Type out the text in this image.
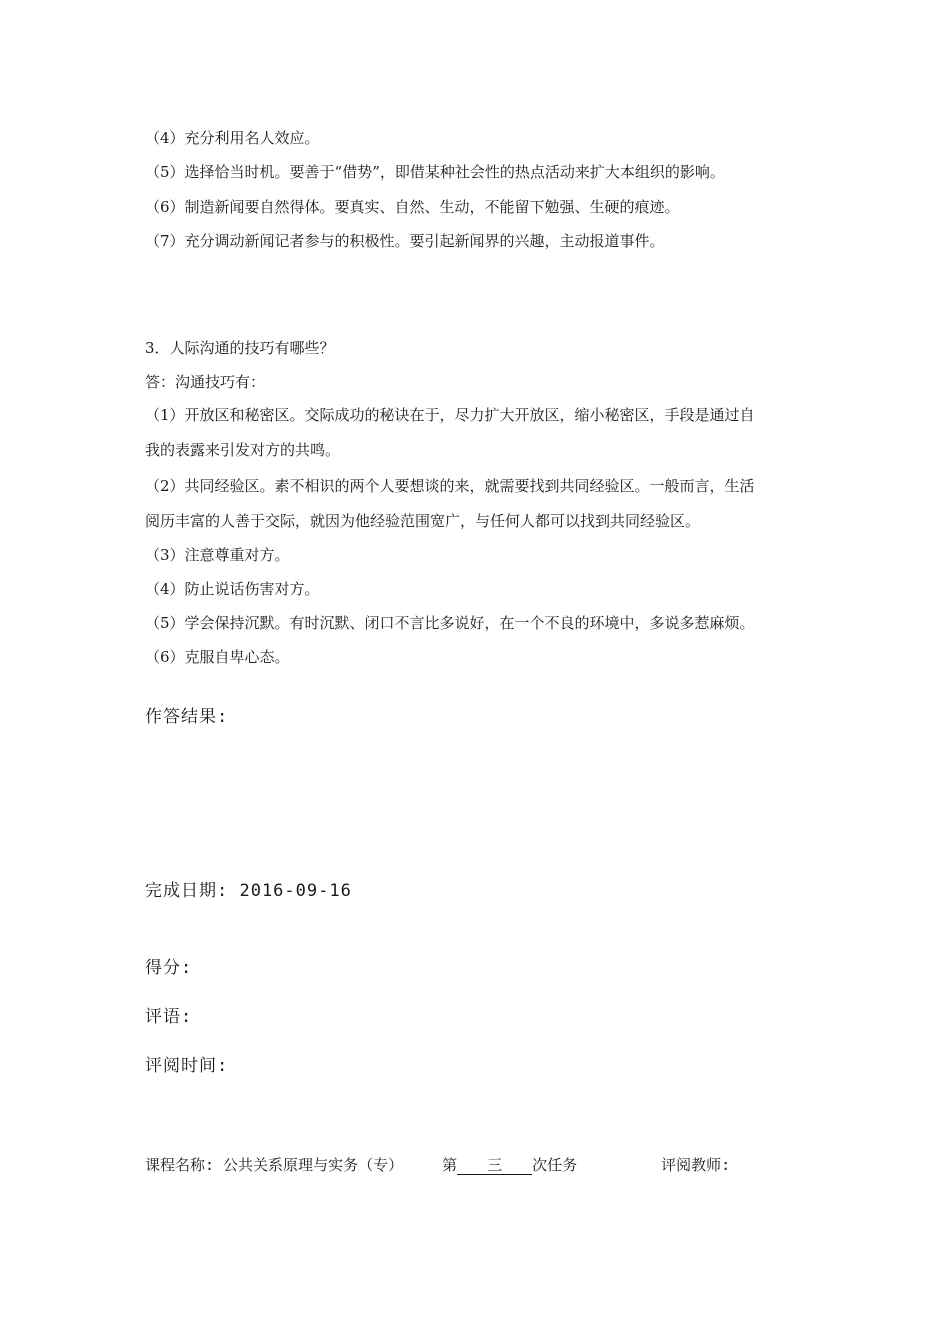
（4）充分利用名人效应。
（5）选择恰当时机。要善于“借势”，即借某种社会性的热点活动来扩大本组织的影响。
（6）制造新闻要自然得体。要真实、自然、生动，不能留下勉强、生硬的痕迹。
（7）充分调动新闻记者参与的积极性。要引起新闻界的兴趣，主动报道事件。
3．人际沟通的技巧有哪些？
答：沟通技巧有：
（1）开放区和秘密区。交际成功的秘诀在于，尽力扩大开放区，缩小秘密区，手段是通过自
我的表露来引发对方的共鸣。
（2）共同经验区。素不相识的两个人要想谈的来，就需要找到共同经验区。一般而言，生活
阅历丰富的人善于交际，就因为他经验范围宽广，与任何人都可以找到共同经验区。
（3）注意尊重对方。
（4）防止说话伤害对方。
（5）学会保持沉默。有时沉默、闭口不言比多说好，在一个不良的环境中，多说多惹麻烦。
（6）克服自卑心态。
作答结果:
完成日期: 2016-09-16
得分:
评语:
评阅时间:
课程名称: 公共关系原理与实务（专）	第 三 次任务	评阅教师:
